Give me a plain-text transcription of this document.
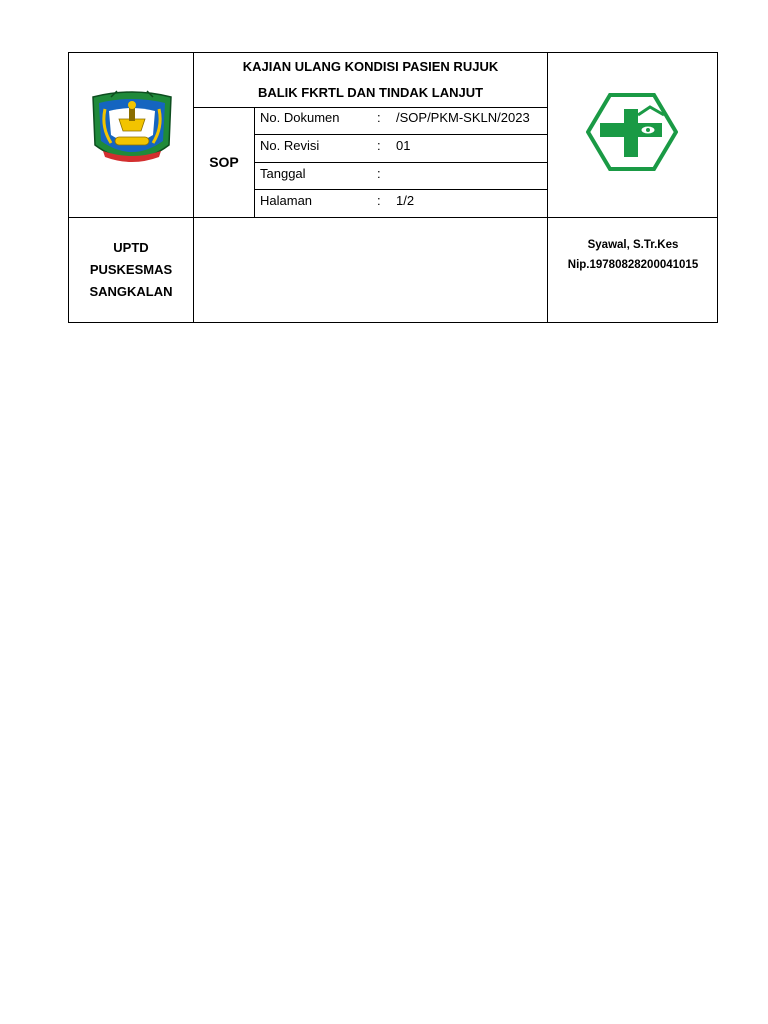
KAJIAN ULANG KONDISI PASIEN RUJUK
BALIK FKRTL DAN TINDAK LANJUT
SOP
No. Dokumen	: /SOP/PKM-SKLN/2023
No. Revisi	: 01
Tanggal	:
Halaman	: 1/2
UPTD
PUSKESMAS
SANGKALAN
Syawal, S.Tr.Kes
Nip.19780828200041015
